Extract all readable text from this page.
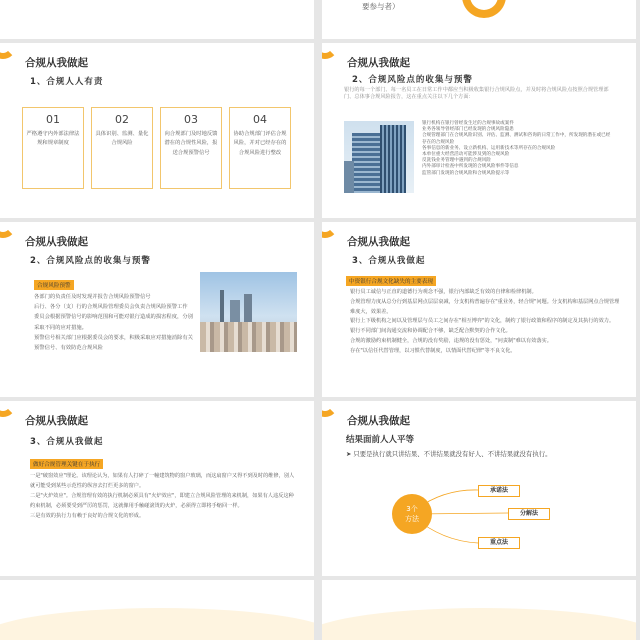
要参与者）
合规从我做起
1、合规人人有责
01
严格遵守内外部法律法规和规章制度
02
具体识别、监测、量化合规风险
03
向合规部门及时地反馈潜在的合规性风险，报送合规预警信号
04
协助合规部门评估合规风险，并对已经存在的合规风险进行整改
合规从我做起
2、合规风险点的收集与预警
银行的每一个部门、每一名员工在日常工作中都应当积极收集银行合规风险点，并及时将合规风险点按照合规管理部门、总体事合规风险报告，这在重点关注以下几个方面：
银行机构在银行曾经发生过的合规事故或案件
业务各领导曾经部门已经发现的合规风险隐患
合规管理部门在合规风险识别、评估、监测、测试和咨询的日常工作中，所发现的潜在或已经存在的合规风险
各事信息的新业务、设立新机构、运用新技术等所存在的合规风险
本单位重大经营活动可能涉及到的合规风险
反洗钱业务管理中遇到的合规风险
内外部审计检查中所发现的合规风险事件等信息
监管部门发现的合规风险和合规风险提示等
合规从我做起
2、合规风险点的收集与预警
合规风险预警
各部门的负责任及时发现并报告合规风险预警信号
后行、各分（支）行的合规风险管理委员会负责合规风险预警工作
委员会根据预警信号的影响范围和可能对银行造成的损害程度，分别采取不同的应对措施。
预警信号相关部门应根据委员会的要求，积极采取应对措施消除有关预警信号、有效防范合规风险
合规从我做起
3、合规从我做起
中资银行合规文化缺失的主要表现
银行员工诚信与正直的道德行为观念不强，银行内部缺乏有效的自律和检律机制。
合规管理力度从总分行到基层网点层层衰减，分支机构普遍存在"重业务，轻合规"问题。分支机构和基层网点合规管理难度大，效果差。
银行上下级机构之间以及管理层与员工之间存在"相互博弈"的文化，制约了银行政策和程序的制定及其执行的效力。
银行不同部门间沟通交流和协调配合不够，缺乏配合默契的合作文化。
合规的激励约束机制健全，合规的没有奖励，违规的没有惩处，"问责制"难以有效落实。
存在"以信任代替管理，以习惯代替制度，以情面代替纪律"等不良文化。
合规从我做起
3、合规从我做起
做好合规管理关键在于执行
一是"破窗效应"理论。该理论认为，如果有人打碎了一幢建筑物的窗户玻璃，而这扇窗户又得不到及时的维修，别人就可能受到某些示范性的纵容去打烂更多的窗户。
二是"火炉效应"。合规管理有效的执行机制必须具有"火炉效应"，即建立合规风险管理的来机制，如果有人违反这种约束机制，必须要受到严厉的惩罚，这就像用手触碰滚烫的火炉，必须得立即将手缩回一样。
三是有效的执行力有赖于良好的合规文化的形成。
合规从我做起
结果面前人人平等
➤ 只要是执行就只讲结果、不讲结果就没有好人、不讲结果就没有执行。
3个
方法
承诺法
分解法
重点法
